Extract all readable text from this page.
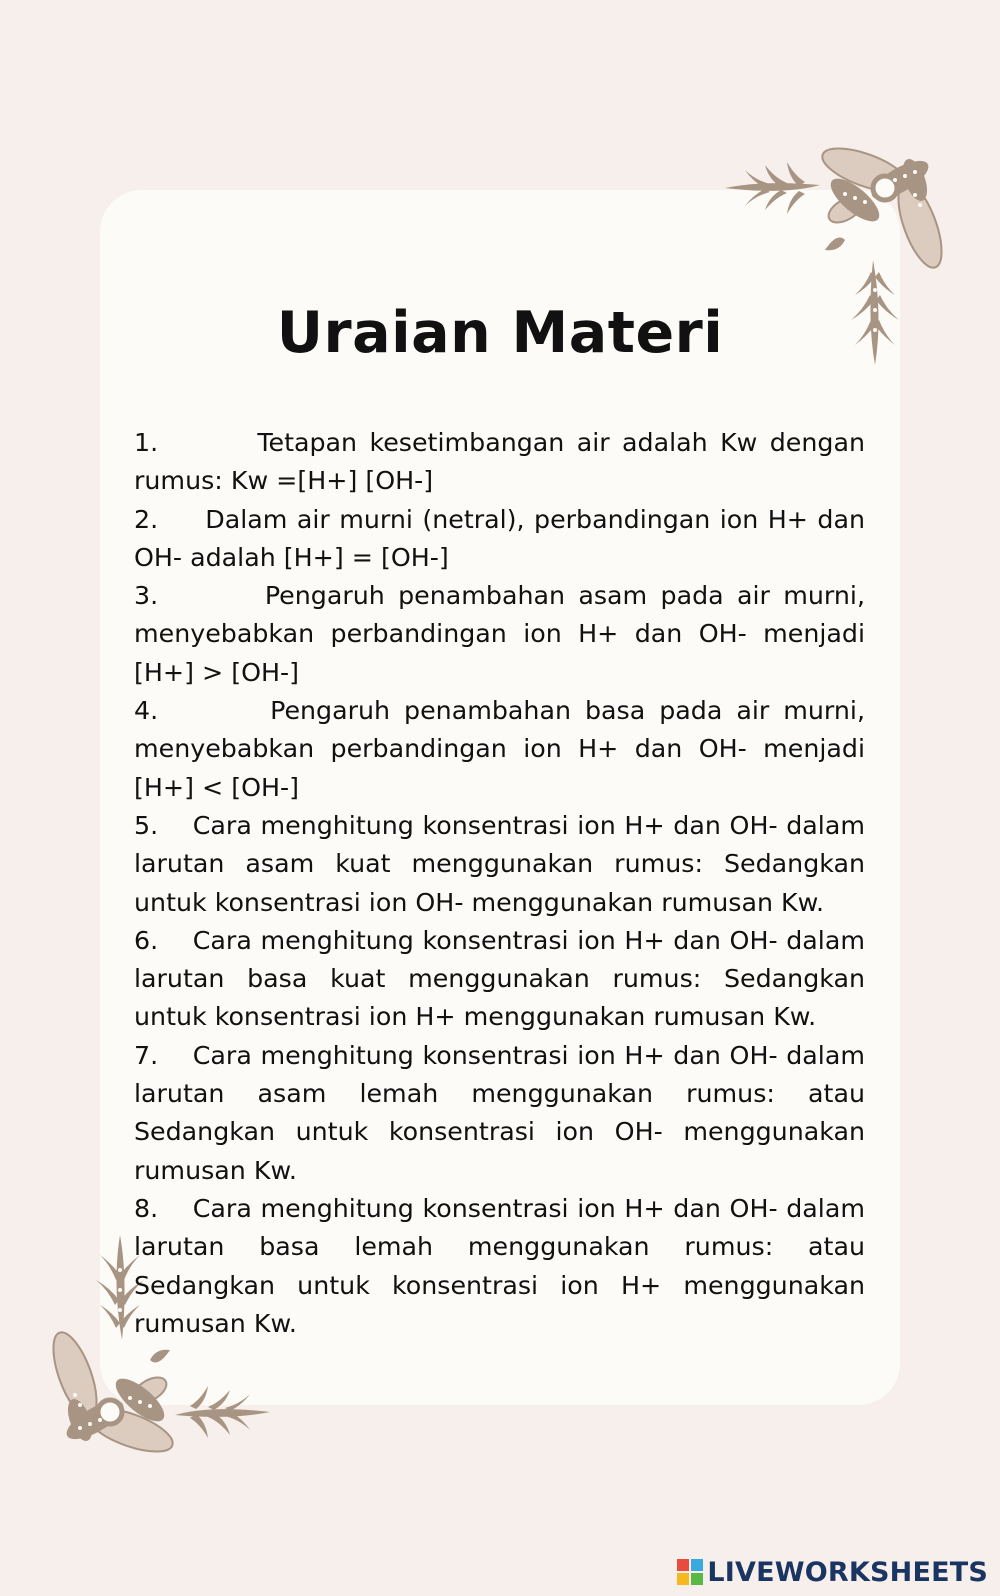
Uraian Materi

1.	Tetapan kesetimbangan air adalah Kw dengan rumus: Kw =[H+] [OH-]

2. Dalam air murni (netral), perbandingan ion H+ dan OH- adalah [H+] = [OH-]

3.	Pengaruh penambahan asam pada air murni, menyebabkan perbandingan ion H+ dan OH- menjadi [H+] > [OH-]

4.	Pengaruh penambahan basa pada air murni, menyebabkan perbandingan ion H+ dan OH- menjadi [H+] < [OH-]

5. Cara menghitung konsentrasi ion H+ dan OH- dalam larutan asam kuat menggunakan rumus: Sedangkan untuk konsentrasi ion OH- menggunakan rumusan Kw.

6. Cara menghitung konsentrasi ion H+ dan OH- dalam larutan basa kuat menggunakan rumus: Sedangkan untuk konsentrasi ion H+ menggunakan rumusan Kw.

7. Cara menghitung konsentrasi ion H+ dan OH- dalam larutan asam lemah menggunakan rumus: atau Sedangkan untuk konsentrasi ion OH- menggunakan rumusan Kw.

8. Cara menghitung konsentrasi ion H+ dan OH- dalam larutan basa lemah menggunakan rumus: atau Sedangkan untuk konsentrasi ion H+ menggunakan rumusan Kw.

LIVEWORKSHEETS
